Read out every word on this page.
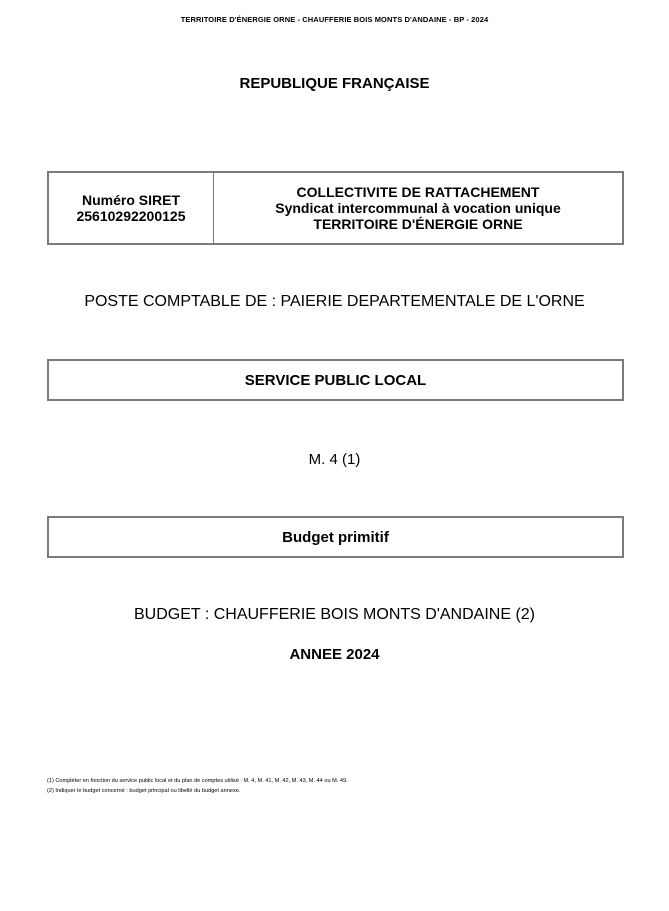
TERRITOIRE D'ÉNERGIE ORNE - CHAUFFERIE BOIS MONTS D'ANDAINE - BP - 2024
REPUBLIQUE FRANÇAISE
Numéro SIRET
25610292200125
COLLECTIVITE DE RATTACHEMENT
Syndicat intercommunal à vocation unique
TERRITOIRE D'ÉNERGIE ORNE
POSTE COMPTABLE DE : PAIERIE DEPARTEMENTALE DE L'ORNE
SERVICE PUBLIC LOCAL
M. 4 (1)
Budget primitif
BUDGET : CHAUFFERIE BOIS MONTS D'ANDAINE (2)
ANNEE 2024
(1) Compléter en fonction du service public local et du plan de comptes utilisé : M. 4, M. 41, M. 42, M. 43, M. 44 ou M. 49.
(2) Indiquer le budget concerné : budget principal ou libellé du budget annexe.
